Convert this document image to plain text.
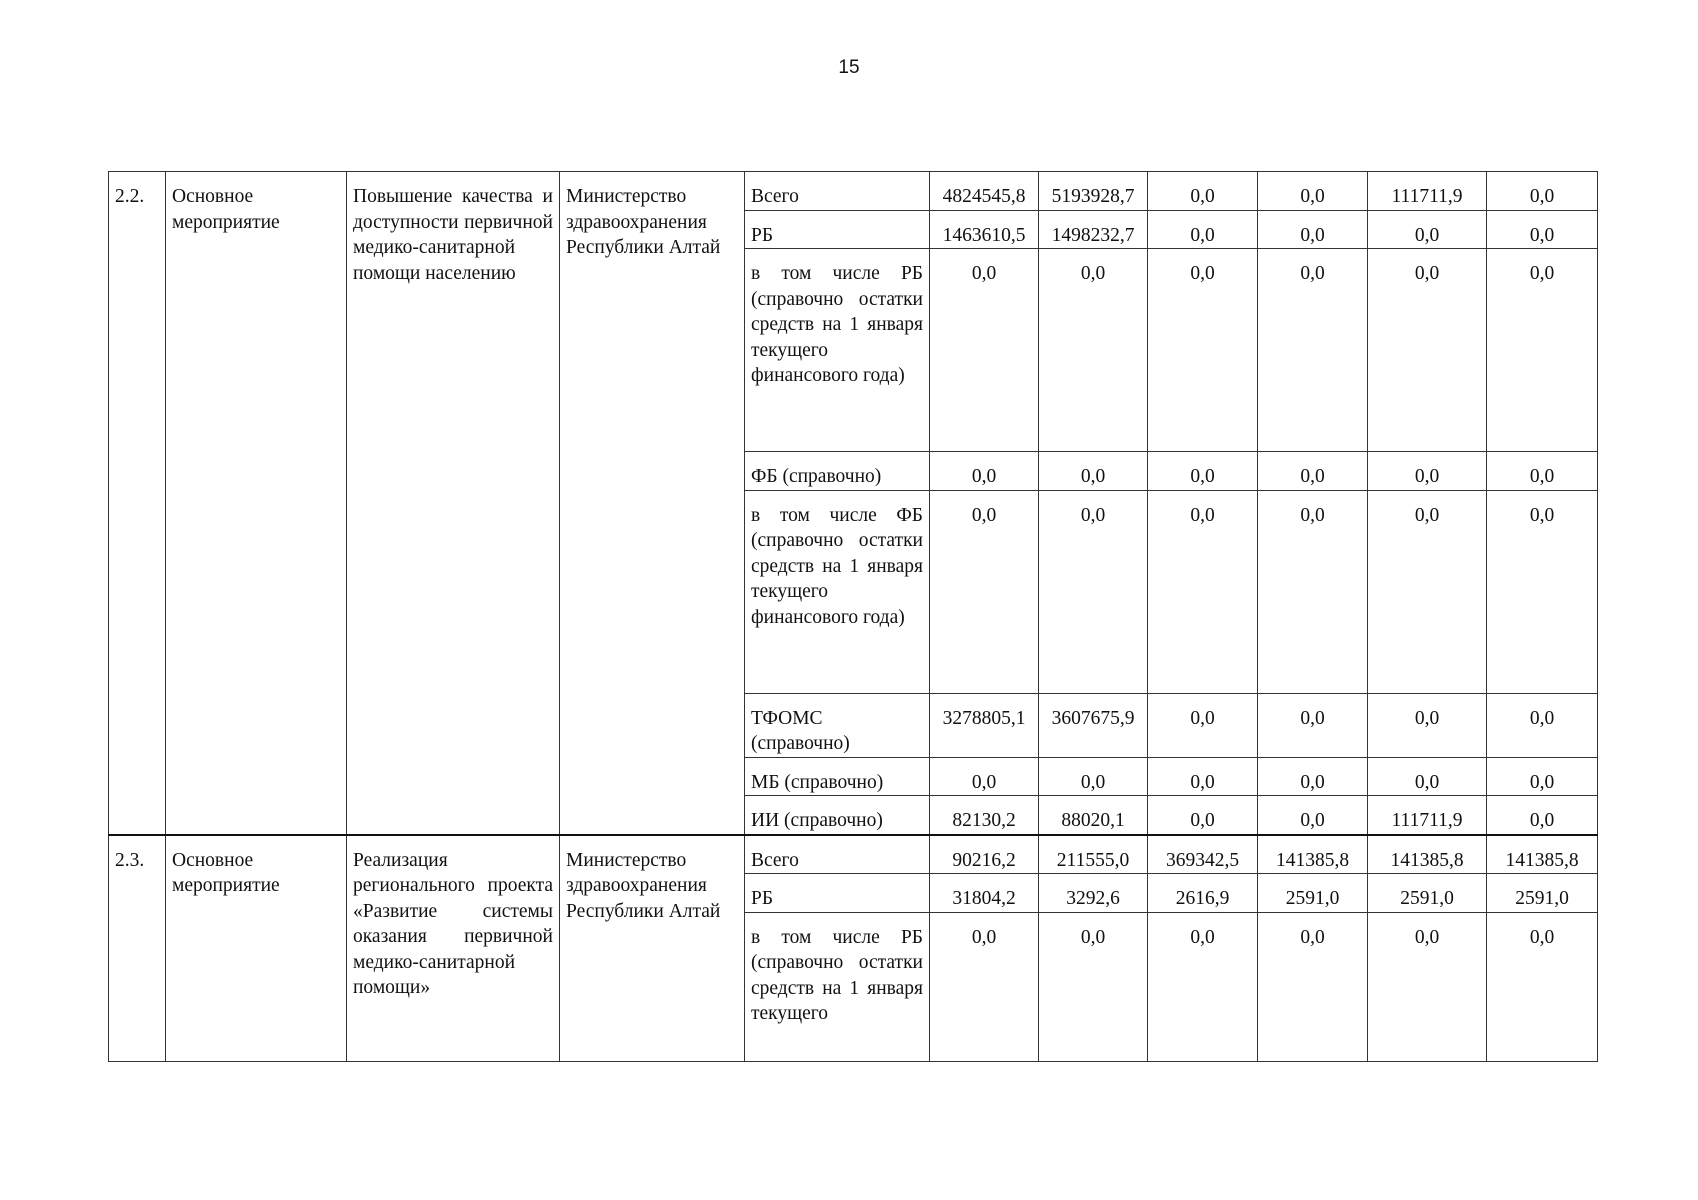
15
2.2.	Основное мероприятие	Повышение качества и доступности первичной медико-санитарной помощи населению	Министерство здравоохранения Республики Алтай	Всего	4824545,8	5193928,7	0,0	0,0	111711,9	0,0
				РБ	1463610,5	1498232,7	0,0	0,0	0,0	0,0
				в том числе РБ (справочно остатки средств на 1 января текущего финансового года)	0,0	0,0	0,0	0,0	0,0	0,0
				ФБ (справочно)	0,0	0,0	0,0	0,0	0,0	0,0
				в том числе ФБ (справочно остатки средств на 1 января текущего финансового года)	0,0	0,0	0,0	0,0	0,0	0,0
				ТФОМС (справочно)	3278805,1	3607675,9	0,0	0,0	0,0	0,0
				МБ (справочно)	0,0	0,0	0,0	0,0	0,0	0,0
				ИИ (справочно)	82130,2	88020,1	0,0	0,0	111711,9	0,0
2.3.	Основное мероприятие	Реализация регионального проекта «Развитие системы оказания первичной медико-санитарной помощи»	Министерство здравоохранения Республики Алтай	Всего	90216,2	211555,0	369342,5	141385,8	141385,8	141385,8
				РБ	31804,2	3292,6	2616,9	2591,0	2591,0	2591,0
				в том числе РБ (справочно остатки средств на 1 января текущего	0,0	0,0	0,0	0,0	0,0	0,0
